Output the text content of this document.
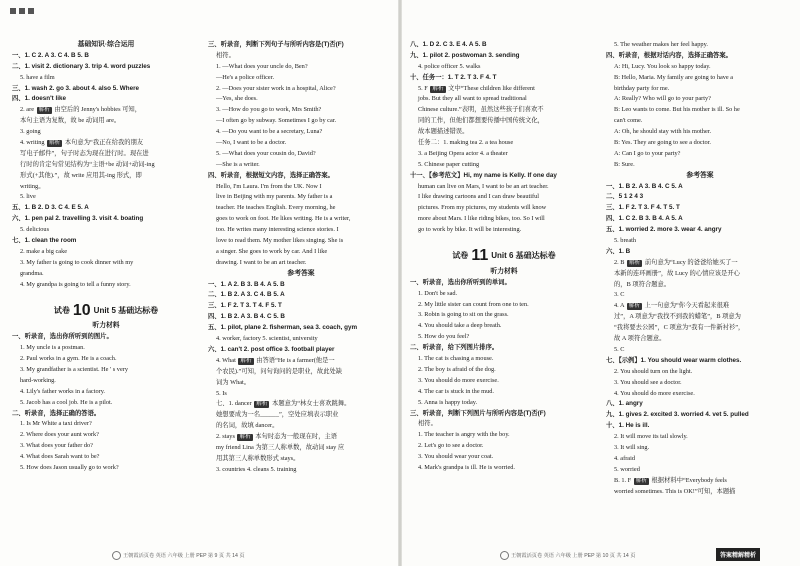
基础知识·综合运用
一、1. C 2. A 3. C 4. B 5. B
二、1. visit 2. dictionary 3. trip 4. word puzzles
5. have a film
三、1. wash 2. go 3. about 4. also 5. Where
四、1. doesn't like
2. are 解析 由空后的 Jenny's hobbies 可知，
本句主语为复数，故 be 动词用 are。
3. going
4. writing 解析 本句意为“我正在给我的朋友
写电子邮件”，句子时态为现在进行时。现在进
行时的肯定句常见结构为“主语+be 动词+动词-ing
形式(+其他).”，故 write 应用其-ing 形式，即
writing。
5. live
五、1. B 2. D 3. C 4. E 5. A
六、1. pen pal 2. travelling 3. visit 4. boating
5. delicious
七、1. clean the room
2. make a big cake
3. My father is going to cook dinner with my
grandma.
4. My grandpa is going to tell a funny story.
试卷 10 Unit 5 基础达标卷
听力材料
一、听录音，选出你所听到的图片。
1. My uncle is a postman.
2. Paul works in a gym. He is a coach.
3. My grandfather is a scientist. He ' s very
hard-working.
4. Lily's father works in a factory.
5. Jacob has a cool job. He is a pilot.
二、听录音，选择正确的答语。
1. Is Mr White a taxi driver?
2. Where does your aunt work?
3. What does your father do?
4. What does Sarah want to be?
5. How does Jason usually go to work?
三、听录音，判断下列句子与所听内容是(T)否(F)
相符。
1. —What does your uncle do, Ben?
—He's a police officer.
2. —Does your sister work in a hospital, Alice?
—Yes, she does.
3. —How do you go to work, Mrs Smith?
—I often go by subway. Sometimes I go by car.
4. —Do you want to be a secretary, Luna?
—No, I want to be a doctor.
5. —What does your cousin do, David?
—She is a writer.
四、听录音，根据短文内容，选择正确答案。
Hello, I'm Laura. I'm from the UK. Now I
live in Beijing with my parents. My father is a
teacher. He teaches English. Every morning, he
goes to work on foot. He likes writing. He is a writer,
too. He writes many interesting science stories. I
love to read them. My mother likes singing. She is
a singer. She goes to work by car. And I like
drawing. I want to be an art teacher.
参考答案
一、1. A 2. B 3. B 4. A 5. B
二、1. B 2. A 3. C 4. B 5. A
三、1. F 2. T 3. T 4. F 5. T
四、1. B 2. A 3. B 4. C 5. B
五、1. pilot, plane 2. fisherman, sea 3. coach, gym
4. worker, factory 5. scientist, university
六、1. can't 2. post office 3. football player
4. What 解析 由答语“He is a farmer(他是一
个农民).”可知，问句询问的是职业，故此处缺
词为 What。
5. Is
七、1. dancer 解析 本题意为“林女士喜欢跳舞。
她想要成为一名______”，空处应填表示职业
的名词，故填 dancer。
2. stays 解析 本句时态为一般现在时，主语
my friend Lina 为第三人称单数，故动词 stay 应
用其第三人称单数形式 stays。
3. countries 4. cleans 5. training
八、1. D 2. C 3. E 4. A 5. B
九、1. pilot 2. postwoman 3. sending
4. police officer 5. walks
十、任务一：1. T 2. T 3. F 4. T
5. F 解析 文中“These children like different
jobs. But they all want to spread traditional
Chinese culture.”表明，虽然这些孩子们喜欢不
同的工作，但他们都想要传播中国传统文化，
故本题描述错误。
任务二：1. making tea 2. a tea house
3. a Beijing Opera actor 4. a theater
5. Chinese paper cutting
十一、【参考范文】Hi, my name is Kelly. If one day
human can live on Mars, I want to be an art teacher.
I like drawing cartoons and I can draw beautiful
pictures. From my pictures, my students will know
more about Mars. I like riding bikes, too. So I will
go to work by bike. It will be interesting.
试卷 11 Unit 6 基础达标卷
听力材料
一、听录音，选出你所听到的单词。
1. Don't be sad.
2. My little sister can count from one to ten.
3. Robin is going to sit on the grass.
4. You should take a deep breath.
5. How do you feel?
二、听录音，给下列图片排序。
1. The cat is chasing a mouse.
2. The boy is afraid of the dog.
3. You should do more exercise.
4. The car is stuck in the mud.
5. Anna is happy today.
三、听录音，判断下列图片与所听内容是(T)否(F)
相符。
1. The teacher is angry with the boy.
2. Let's go to see a doctor.
3. You should wear your coat.
4. Mark's grandpa is ill. He is worried.
5. The weather makes her feel happy.
四、听录音，根据对话内容，选择正确答案。
A: Hi, Lucy. You look so happy today.
B: Hello, Maria. My family are going to have a
birthday party for me.
A: Really? Who will go to your party?
B: Leo wants to come. But his mother is ill. So he
can't come.
A: Oh, he should stay with his mother.
B: Yes. They are going to see a doctor.
A: Can I go to your party?
B: Sure.
参考答案
一、1. B 2. A 3. B 4. C 5. A
二、5 1 2 4 3
三、1. F 2. T 3. F 4. T 5. T
四、1. C 2. B 3. B 4. A 5. A
五、1. worried 2. more 3. wear 4. angry
5. breath
六、1. B
2. B 解析 前句意为“Lucy 的爸爸给她买了一
本新的连环画册”，故 Lucy 的心情应该是开心
的，B 项符合题意。
3. C
4. A 解析 上一句意为“你今天看起来很难
过”，A 项意为“我找不到我的蜡笔”，B 项意为
“我将要去公园”，C 项意为“我有一件新衬衫”，
故 A 项符合题意。
5. C
七、【示例】1. You should wear warm clothes.
2. You should turn on the light.
3. You should see a doctor.
4. You should do more exercise.
八、1. angry
九、1. gives 2. excited 3. worried 4. vet 5. pulled
十、1. He is ill.
2. It will move its tail slowly.
3. It will sing.
4. afraid
5. worried
B. 1. F 解析 根据材料中“Everybody feels
worried sometimes. This is OK!”可知，本题描
王朝霞活页卷 英语 六年级 上册 PEP 第 9 页 共 14 页	王朝霞活页卷 英语 六年级 上册 PEP 第 10 页 共 14 页	答案精解精析
